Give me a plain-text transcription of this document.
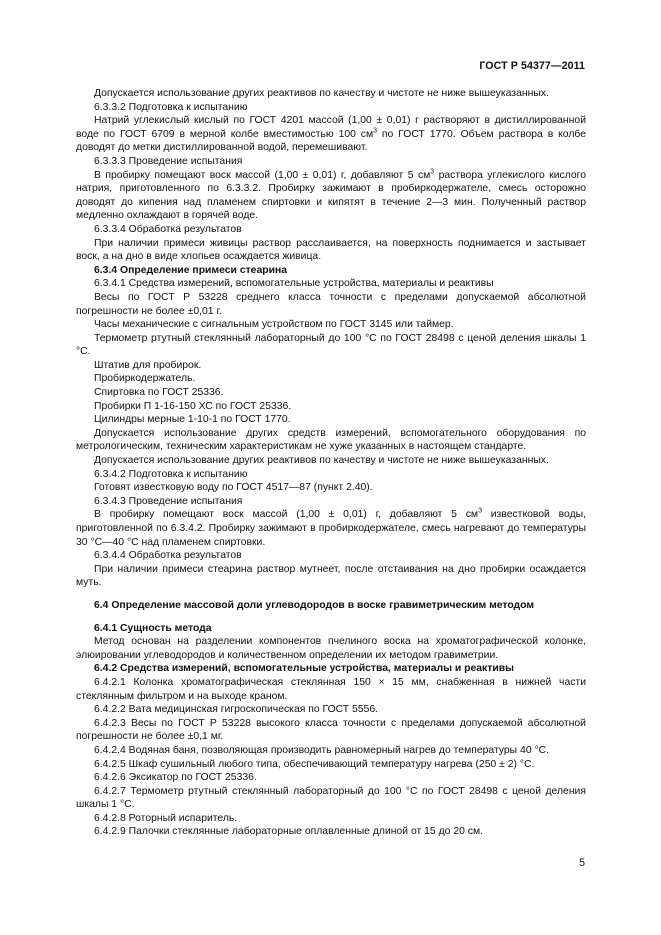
ГОСТ Р 54377—2011

Допускается использование других реактивов по качеству и чистоте не ниже вышеуказанных.

6.3.3.2 Подготовка к испытанию

Натрий углекислый кислый по ГОСТ 4201 массой (1,00 ± 0,01) г растворяют в дистиллированной воде по ГОСТ 6709 в мерной колбе вместимостью 100 $см^3$ по ГОСТ 1770. Объем раствора в колбе доводят до метки дистиллированной водой, перемешивают.

6.3.3.3 Проведение испытания

В пробирку помещают воск массой (1,00 ± 0,01) г, добавляют 5 $см^3$ раствора углекислого кислого натрия, приготовленного по 6.3.3.2. Пробирку зажимают в пробиркодержателе, смесь осторожно доводят до кипения над пламенем спиртовки и кипятят в течение 2—3 мин. Полученный раствор медленно охлаждают в горячей воде.

6.3.3.4 Обработка результатов

При наличии примеси живицы раствор расслаивается, на поверхность поднимается и застывает воск, а на дно в виде хлопьев осаждается живица.

6.3.4 Определение примеси стеарина

6.3.4.1 Средства измерений, вспомогательные устройства, материалы и реактивы

Весы по ГОСТ Р 53228 среднего класса точности с пределами допускаемой абсолютной погрешности не более ±0,01 г.

Часы механические с сигнальным устройством по ГОСТ 3145 или таймер.

Термометр ртутный стеклянный лабораторный до 100 °С по ГОСТ 28498 с ценой деления шкалы 1 °С.

Штатив для пробирок.

Пробиркодержатель.

Спиртовка по ГОСТ 25336.

Пробирки П 1-16-150 ХС по ГОСТ 25336.

Цилиндры мерные 1-10-1 по ГОСТ 1770.

Допускается использование других средств измерений, вспомогательного оборудования по метрологическим, техническим характеристикам не хуже указанных в настоящем стандарте.

Допускается использование других реактивов по качеству и чистоте не ниже вышеуказанных.

6.3.4.2 Подготовка к испытанию

Готовят известковую воду по ГОСТ 4517—87 (пункт 2.40).

6.3.4.3 Проведение испытания

В пробирку помещают воск массой (1,00 ± 0,01) г, добавляют 5 $см^3$ известковой воды, приготовленной по 6.3.4.2. Пробирку зажимают в пробиркодержателе, смесь нагревают до температуры 30 °С—40 °С над пламенем спиртовки.

6.3.4.4 Обработка результатов

При наличии примеси стеарина раствор мутнеет, после отстаивания на дно пробирки осаждается муть.

6.4 Определение массовой доли углеводородов в воске гравиметрическим методом

6.4.1 Сущность метода

Метод основан на разделении компонентов пчелиного воска на хроматографической колонке, элюировании углеводородов и количественном определении их методом гравиметрии.

6.4.2 Средства измерений, вспомогательные устройства, материалы и реактивы

6.4.2.1 Колонка хроматографическая стеклянная 150 × 15 мм, снабженная в нижней части стеклянным фильтром и на выходе краном.

6.4.2.2 Вата медицинская гигроскопическая по ГОСТ 5556.

6.4.2.3 Весы по ГОСТ Р 53228 высокого класса точности с пределами допускаемой абсолютной погрешности не более ±0,1 мг.

6.4.2.4 Водяная баня, позволяющая производить равномерный нагрев до температуры 40 °С.

6.4.2.5 Шкаф сушильный любого типа, обеспечивающий температуру нагрева (250 ± 2) °С.

6.4.2.6 Эксикатор по ГОСТ 25336.

6.4.2.7 Термометр ртутный стеклянный лабораторный до 100 °С по ГОСТ 28498 с ценой деления шкалы 1 °С.

6.4.2.8 Роторный испаритель.

6.4.2.9 Палочки стеклянные лабораторные оплавленные длиной от 15 до 20 см.

5
